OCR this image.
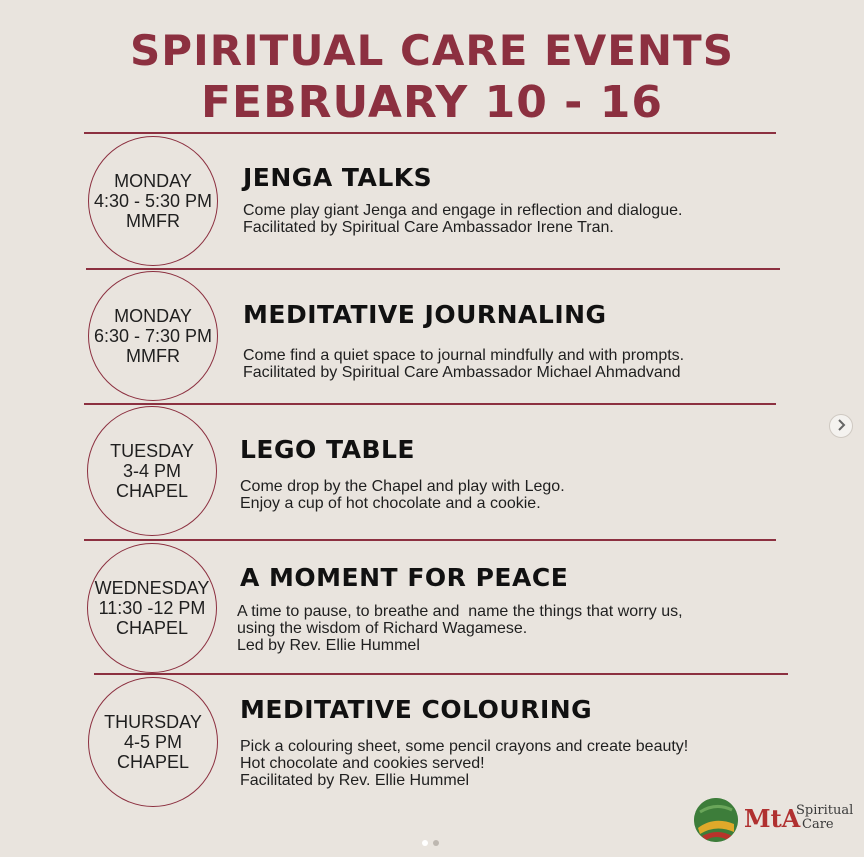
SPIRITUAL CARE EVENTS
FEBRUARY 10 - 16
MONDAY
4:30 - 5:30 PM
MMFR
JENGA TALKS
Come play giant Jenga and engage in reflection and dialogue.
Facilitated by Spiritual Care Ambassador Irene Tran.
MONDAY
6:30 - 7:30 PM
MMFR
MEDITATIVE JOURNALING
Come find a quiet space to journal mindfully and with prompts.
Facilitated by Spiritual Care Ambassador Michael Ahmadvand
TUESDAY
3-4 PM
CHAPEL
LEGO TABLE
Come drop by the Chapel and play with Lego.
Enjoy a cup of hot chocolate and a cookie.
WEDNESDAY
11:30 -12 PM
CHAPEL
A MOMENT FOR PEACE
A time to pause, to breathe and  name the things that worry us,
using the wisdom of Richard Wagamese.
Led by Rev. Ellie Hummel
THURSDAY
4-5 PM
CHAPEL
MEDITATIVE COLOURING
Pick a colouring sheet, some pencil crayons and create beauty!
Hot chocolate and cookies served!
Facilitated by Rev. Ellie Hummel
MtA
Spiritual
Care
